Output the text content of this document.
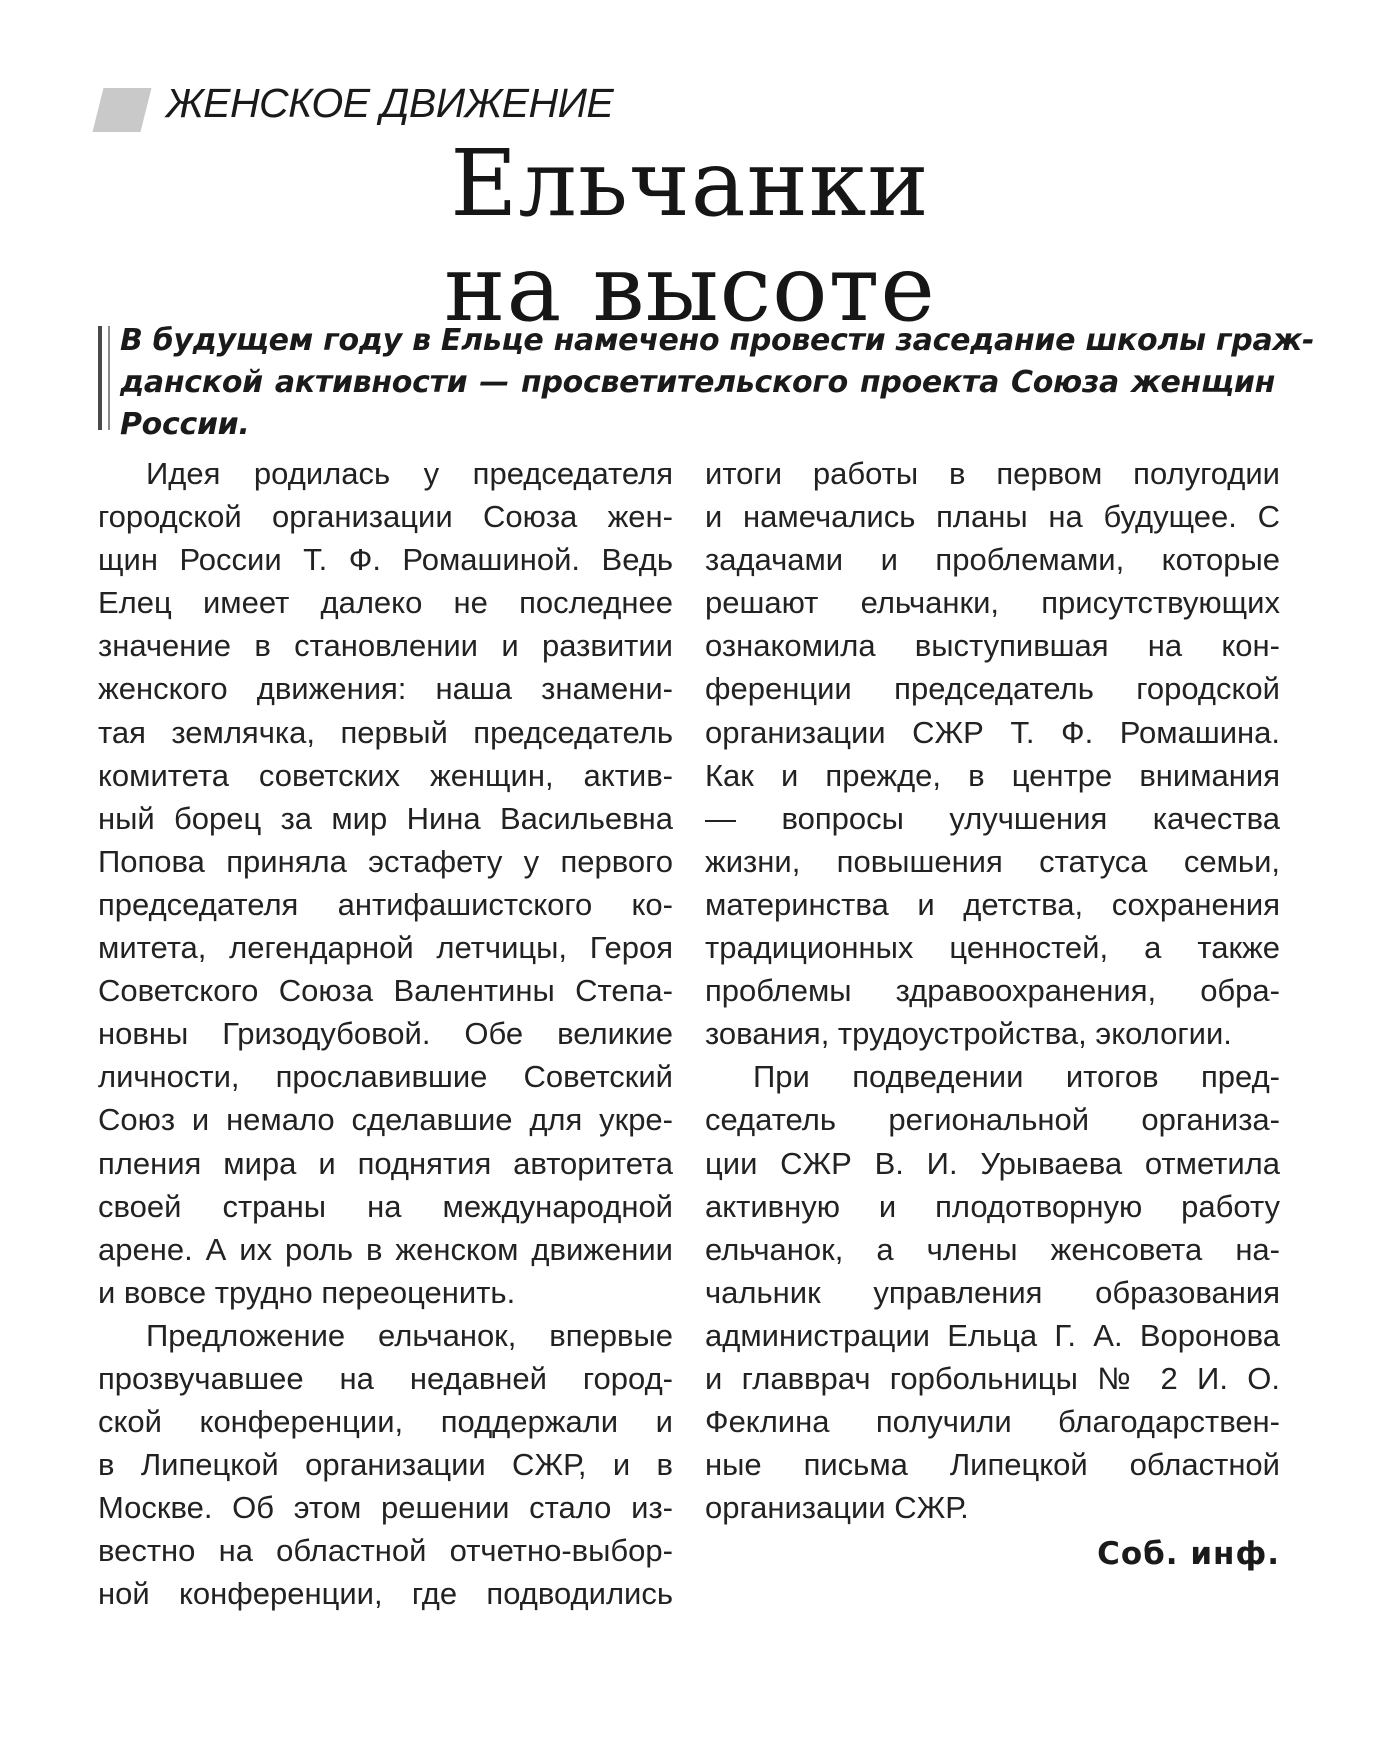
ЖЕНСКОЕ ДВИЖЕНИЕ
Ельчанки
на высоте
В будущем году в Ельце намечено провести заседание школы граж-
данской активности — просветительского проекта Союза женщин
России.
Идея родилась у председателя
городской организации Союза жен-
щин России Т. Ф. Ромашиной. Ведь
Елец имеет далеко не последнее
значение в становлении и развитии
женского движения: наша знамени-
тая землячка, первый председатель
комитета советских женщин, актив-
ный борец за мир Нина Васильевна
Попова приняла эстафету у первого
председателя антифашистского ко-
митета, легендарной летчицы, Героя
Советского Союза Валентины Степа-
новны Гризодубовой. Обе великие
личности, прославившие Советский
Союз и немало сделавшие для укре-
пления мира и поднятия авторитета
своей страны на международной
арене. А их роль в женском движении
и вовсе трудно переоценить.
Предложение ельчанок, впервые
прозвучавшее на недавней город-
ской конференции, поддержали и
в Липецкой организации СЖР, и в
Москве. Об этом решении стало из-
вестно на областной отчетно-выбор-
ной конференции, где подводились
итоги работы в первом полугодии
и намечались планы на будущее. С
задачами и проблемами, которые
решают ельчанки, присутствующих
ознакомила выступившая на кон-
ференции председатель городской
организации СЖР Т. Ф. Ромашина.
Как и прежде, в центре внимания
— вопросы улучшения качества
жизни, повышения статуса семьи,
материнства и детства, сохранения
традиционных ценностей, а также
проблемы здравоохранения, обра-
зования, трудоустройства, экологии.
При подведении итогов пред-
седатель региональной организа-
ции СЖР В. И. Урываева отметила
активную и плодотворную работу
ельчанок, а члены женсовета на-
чальник управления образования
администрации Ельца Г. А. Воронова
и главврач горбольницы № 2 И. О.
Феклина получили благодарствен-
ные письма Липецкой областной
организации СЖР.
Соб. инф.
